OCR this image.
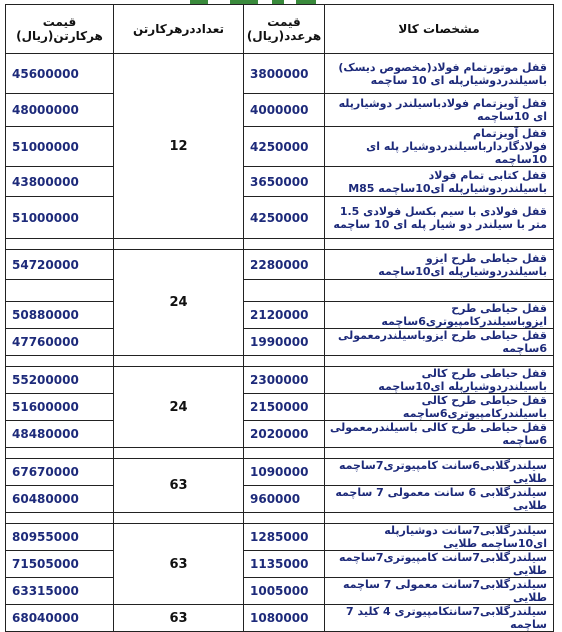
مشخصات کالا	قیمت هرعدد(ریال)	تعداددرهرکارتن	قیمت هرکارتن(ریال)
قفل موتورتمام فولاد(مخصوص دیسک) باسیلندردوشیارپله ای 10 ساچمه	3800000	12	45600000
قفل آویزتمام فولادباسیلندر دوشیارپله ای 10ساچمه	4000000		48000000
قفل آویزتمام فولادگاردارباسیلندردوشیار پله ای 10ساچمه	4250000		51000000
قفل کتابی تمام فولاد باسیلندردوشیارپله ای10ساچمه M85	3650000		43800000
قفل فولادی با سیم بکسل فولادی 1.5 متر با سیلندر دو شیار پله ای 10 ساچمه	4250000		51000000

قفل حیاطی طرح ایزو باسیلندردوشیارپله ای10ساچمه	2280000	24	54720000

قفل حیاطی طرح ایزوباسیلندرکامپیوتری6ساچمه	2120000		50880000
قفل حیاطی طرح ایزوباسیلندرمعمولی 6ساچمه	1990000		47760000

قفل حیاطی طرح کالی باسیلندردوشیارپله ای10ساچمه	2300000	24	55200000
قفل حیاطی طرح کالی باسیلندرکامپیوتری6ساچمه	2150000		51600000
قفل حیاطی طرح کالی باسیلندرمعمولی 6ساچمه	2020000		48480000

سیلندرگلابی6سانت کامپیوتری7ساچمه طلایی	1090000	63	67670000
سیلندرگلابی 6 سانت معمولی 7 ساچمه طلایی	960000		60480000

سیلندرگلابی7سانت دوشیارپله ای10ساچمه طلایی	1285000	63	80955000
سیلندرگلابی7سانت کامپیوتری7ساچمه طلایی	1135000		71505000
سیلندرگلابی7سانت معمولی 7 ساچمه طلایی	1005000		63315000
سیلندرگلابی7سانتکامپیوتری 4 کلید 7 ساچمه	1080000	63	68040000
